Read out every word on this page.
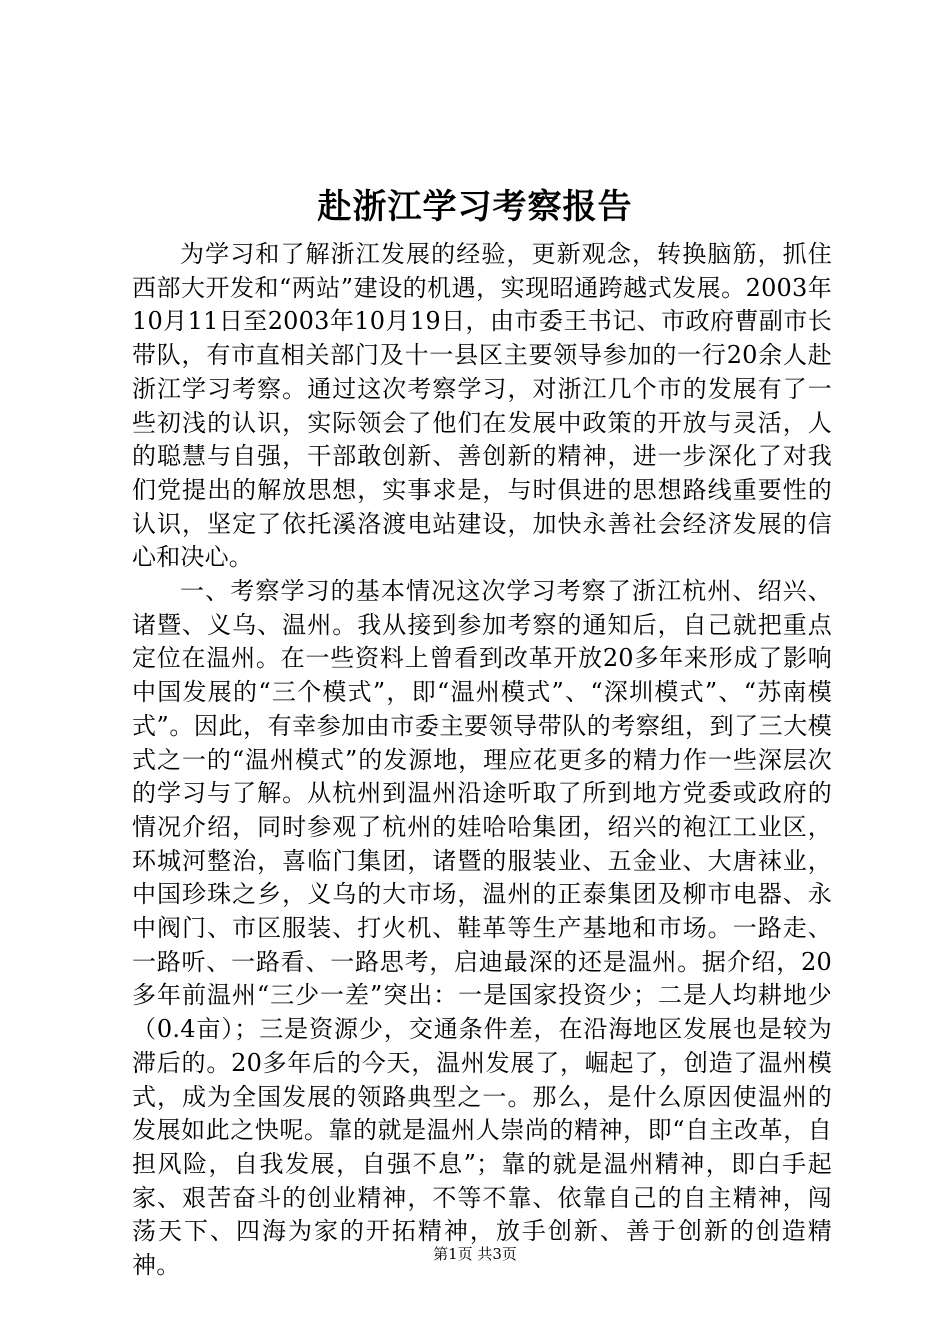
赴浙江学习考察报告

为学习和了解浙江发展的经验，更新观念，转换脑筋，抓住西部大开发和“两站”建设的机遇，实现昭通跨越式发展。2003年10月11日至2003年10月19日，由市委王书记、市政府曹副市长带队，有市直相关部门及十一县区主要领导参加的一行20余人赴浙江学习考察。通过这次考察学习，对浙江几个市的发展有了一些初浅的认识，实际领会了他们在发展中政策的开放与灵活，人的聪慧与自强，干部敢创新、善创新的精神，进一步深化了对我们党提出的解放思想，实事求是，与时俱进的思想路线重要性的认识，坚定了依托溪洛渡电站建设，加快永善社会经济发展的信心和决心。

一、考察学习的基本情况这次学习考察了浙江杭州、绍兴、诸暨、义乌、温州。我从接到参加考察的通知后，自己就把重点定位在温州。在一些资料上曾看到改革开放20多年来形成了影响中国发展的“三个模式”，即“温州模式”、“深圳模式”、“苏南模式”。因此，有幸参加由市委主要领导带队的考察组，到了三大模式之一的“温州模式”的发源地，理应花更多的精力作一些深层次的学习与了解。从杭州到温州沿途听取了所到地方党委或政府的情况介绍，同时参观了杭州的娃哈哈集团，绍兴的袍江工业区，环城河整治，喜临门集团，诸暨的服装业、五金业、大唐袜业，中国珍珠之乡，义乌的大市场，温州的正泰集团及柳市电器、永中阀门、市区服装、打火机、鞋革等生产基地和市场。一路走、一路听、一路看、一路思考，启迪最深的还是温州。据介绍，20多年前温州“三少一差”突出：一是国家投资少；二是人均耕地少（0.4亩）；三是资源少，交通条件差，在沿海地区发展也是较为滞后的。20多年后的今天，温州发展了，崛起了，创造了温州模式，成为全国发展的领路典型之一。那么，是什么原因使温州的发展如此之快呢。靠的就是温州人崇尚的精神，即“自主改革，自担风险，自我发展，自强不息”；靠的就是温州精神，即白手起家、艰苦奋斗的创业精神，不等不靠、依靠自己的自主精神，闯荡天下、四海为家的开拓精神，放手创新、善于创新的创造精神。	第1页 共3页
